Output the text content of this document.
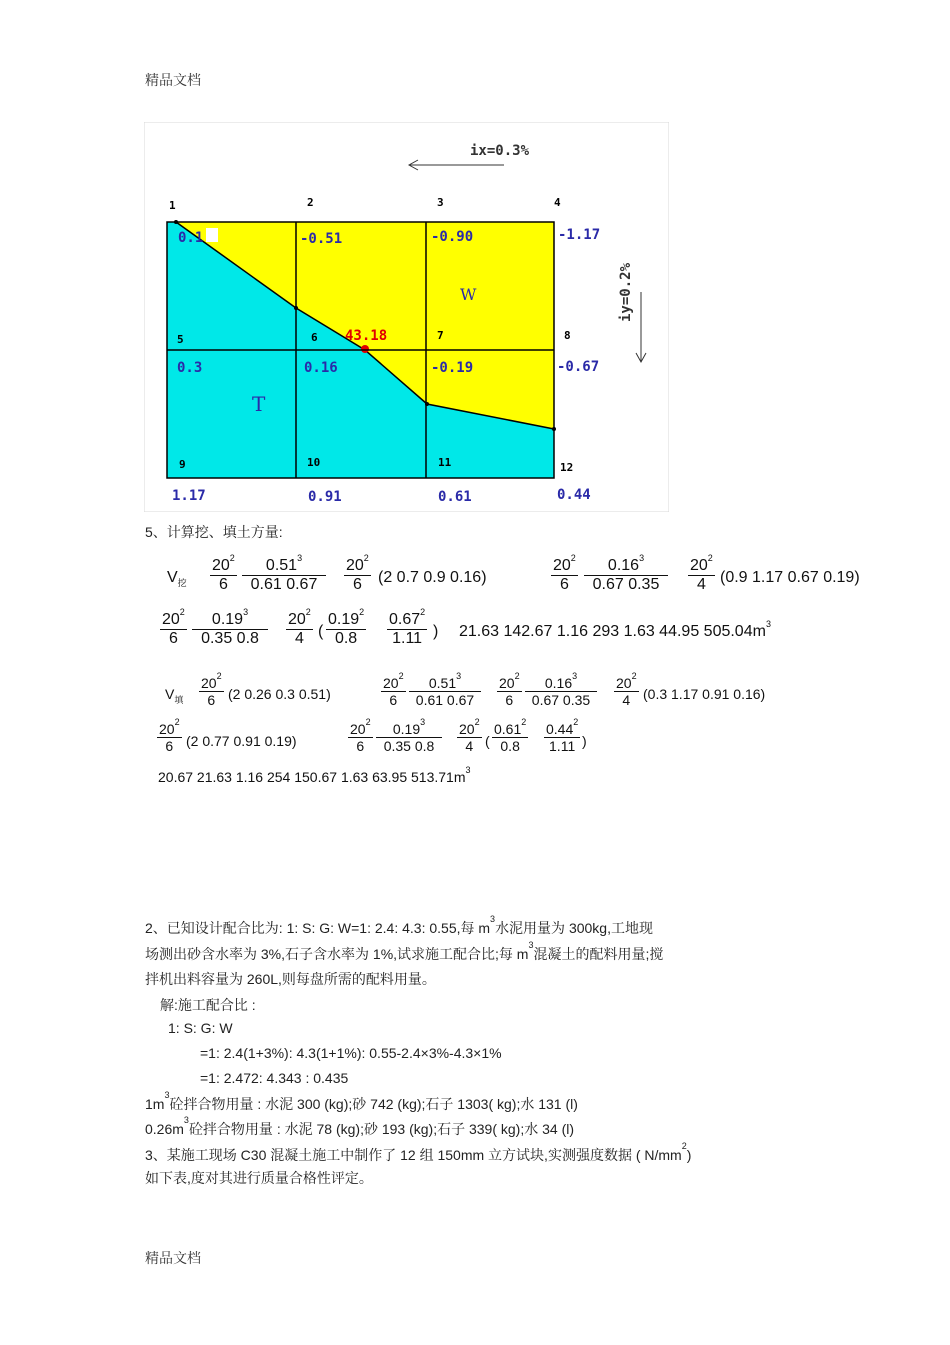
精品文档
ix=0.3%
iy=0.2%
1	2	3	4
5	6	7	8
9	10	11	12
0.1	-0.51	-0.90	-1.17
0.3	0.16	-0.19	-0.67
1.17	0.91	0.61	0.44
43.18
T
W
5、计算挖、填土方量:
$V_挖$
$20^2$
6
0.51$^3$
0.61 0.67
$20^2$
6	(2 0.7 0.9 0.16)
$20^2$
6
0.16$^3$
0.67 0.35
$20^2$
4 (0.9 1.17 0.67 0.19)
$20^2$
6
0.19$^3$
0.35 0.8
$20^2$
4 (
0.19$^2$
0.8
0.67$^2$
1.11 ) 21.63 142.67 1.16 293 1.63 44.95 $505.04m^3$
$V_填$
$20^2$
6 (2 0.26 0.3 0.51)
$20^2$
6
0.51$^3$
0.61 0.67
$20^2$
6
0.16$^3$
0.67 0.35
$20^2$
4 (0.3 1.17 0.91 0.16)
$20^2$
6 (2 0.77 0.91 0.19)
$20^2$
6
0.19$^3$
0.35 0.8
$20^2$
4 (
0.61$^2$
0.8
0.44$^2$
1.11 )
20.67 21.63 1.16 254 150.67 1.63 63.95 $513.71m^3$
2、已知设计配合比为: 1: S: G: W=1: 2.4: 4.3: 0.55,每 $m^3$水泥用量为 300kg,工地现
场测出砂含水率为 3%,石子含水率为 1%,试求施工配合比;每 $m^3$混凝土的配料用量;搅
拌机出料容量为 260L,则每盘所需的配料用量。
解:施工配合比 :
1: S: G: W
=1: 2.4(1+3%): 4.3(1+1%): 0.55-2.4×3%-4.3×1%
=1: 2.472: 4.343 : 0.435
$1m^3$砼拌合物用量 : 水泥 300 (kg);砂 742 (kg);石子 1303( kg);水 131 (l)
$0.26m^3$砼拌合物用量 : 水泥 78 (kg);砂 193 (kg);石子 339( kg);水 34 (l)
3、某施工现场 C30 混凝土施工中制作了 12 组 150mm 立方试块,实测强度数据 ( $N/mm^2$)
如下表,度对其进行质量合格性评定。
精品文档
